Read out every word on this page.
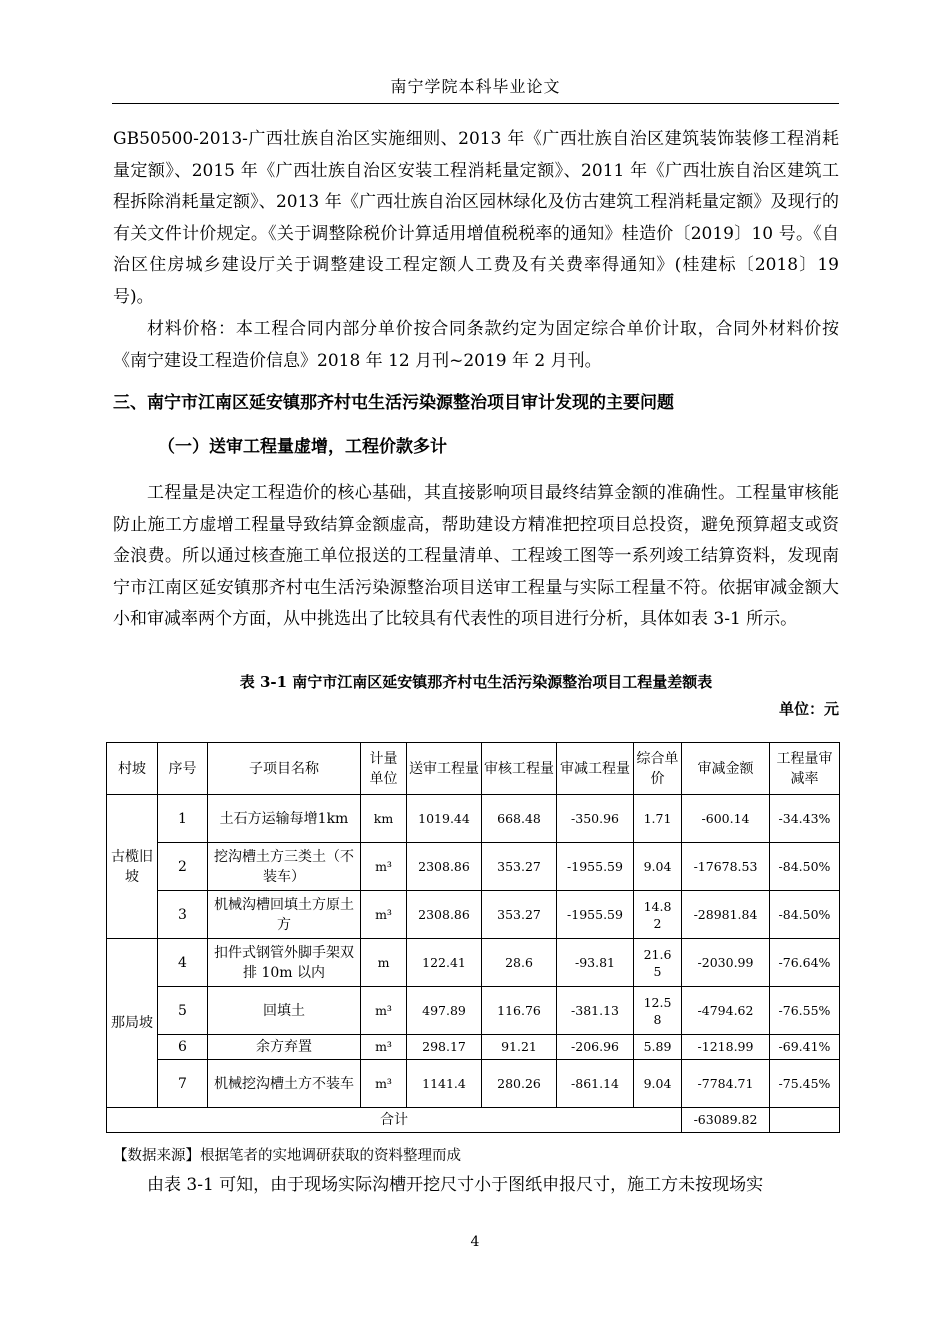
南宁学院本科毕业论文
GB50500-2013-广西壮族自治区实施细则、2013 年《广西壮族自治区建筑装饰装修工程消耗量定额》、2015 年《广西壮族自治区安装工程消耗量定额》、2011 年《广西壮族自治区建筑工程拆除消耗量定额》、2013 年《广西壮族自治区园林绿化及仿古建筑工程消耗量定额》及现行的有关文件计价规定。《关于调整除税价计算适用增值税税率的通知》桂造价〔2019〕10 号。《自治区住房城乡建设厅关于调整建设工程定额人工费及有关费率得通知》(桂建标〔2018〕19 号)。
材料价格：本工程合同内部分单价按合同条款约定为固定综合单价计取，合同外材料价按《南宁建设工程造价信息》2018 年 12 月刊~2019 年 2 月刊。
三、南宁市江南区延安镇那齐村屯生活污染源整治项目审计发现的主要问题
（一）送审工程量虚增，工程价款多计
工程量是决定工程造价的核心基础，其直接影响项目最终结算金额的准确性。工程量审核能防止施工方虚增工程量导致结算金额虚高，帮助建设方精准把控项目总投资，避免预算超支或资金浪费。所以通过核查施工单位报送的工程量清单、工程竣工图等一系列竣工结算资料，发现南宁市江南区延安镇那齐村屯生活污染源整治项目送审工程量与实际工程量不符。依据审减金额大小和审减率两个方面，从中挑选出了比较具有代表性的项目进行分析，具体如表 3-1 所示。
表 3-1 南宁市江南区延安镇那齐村屯生活污染源整治项目工程量差额表
单位：元
村坡	序号	子项目名称	计量单位	送审工程量	审核工程量	审减工程量	综合单价	审减金额	工程量审减率
古榄旧坡	1	土石方运输每增1km	km	1019.44	668.48	-350.96	1.71	-600.14	-34.43%
	2	挖沟槽土方三类土（不装车）	m³	2308.86	353.27	-1955.59	9.04	-17678.53	-84.50%
	3	机械沟槽回填土方原土方	m³	2308.86	353.27	-1955.59	14.82	-28981.84	-84.50%
那局坡	4	扣件式钢管外脚手架双排 10m 以内	m	122.41	28.6	-93.81	21.65	-2030.99	-76.64%
	5	回填土	m³	497.89	116.76	-381.13	12.58	-4794.62	-76.55%
	6	余方弃置	m³	298.17	91.21	-206.96	5.89	-1218.99	-69.41%
	7	机械挖沟槽土方不装车	m³	1141.4	280.26	-861.14	9.04	-7784.71	-75.45%
合计								-63089.82	
【数据来源】根据笔者的实地调研获取的资料整理而成
由表 3-1 可知，由于现场实际沟槽开挖尺寸小于图纸申报尺寸，施工方未按现场实
4
